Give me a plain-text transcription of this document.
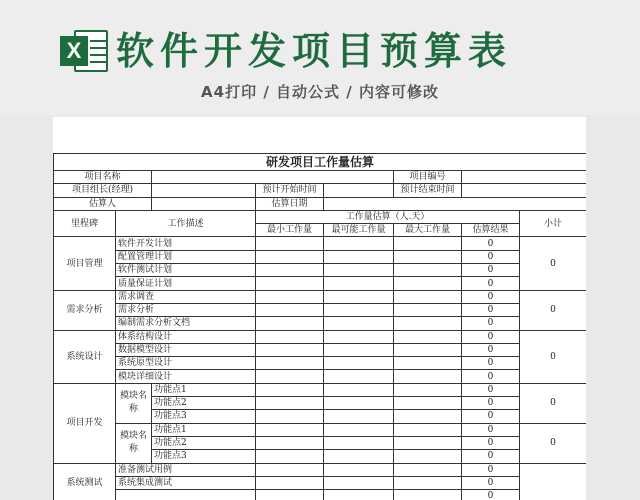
X 软件开发项目预算表
A4打印 / 自动公式 / 内容可修改
研发项目工作量估算							
项目名称					项目编号		
项目组长(经理)			预计开始时间		预计结束时间		
估算人			估算日期				
里程碑	工作描述		工作量估算（人.天）				小计
			最小工作量	最可能工作量	最大工作量	估算结果	
项目管理	软件开发计划					0	0
	配置管理计划					0	
	软件测试计划					0	
	质量保证计划					0	
需求分析	需求调查					0	0
	需求分析					0	
	编制需求分析文档					0	
系统设计	体系结构设计					0	0
	数据模型设计					0	
	系统原型设计					0	
	模块详细设计					0	
项目开发	模块名称	功能点1				0	0
		功能点2				0	
		功能点3				0	
	模块名称	功能点1				0	0
		功能点2				0	
		功能点3				0	
系统测试	准备测试用例					0	
	系统集成测试					0	
						0	
